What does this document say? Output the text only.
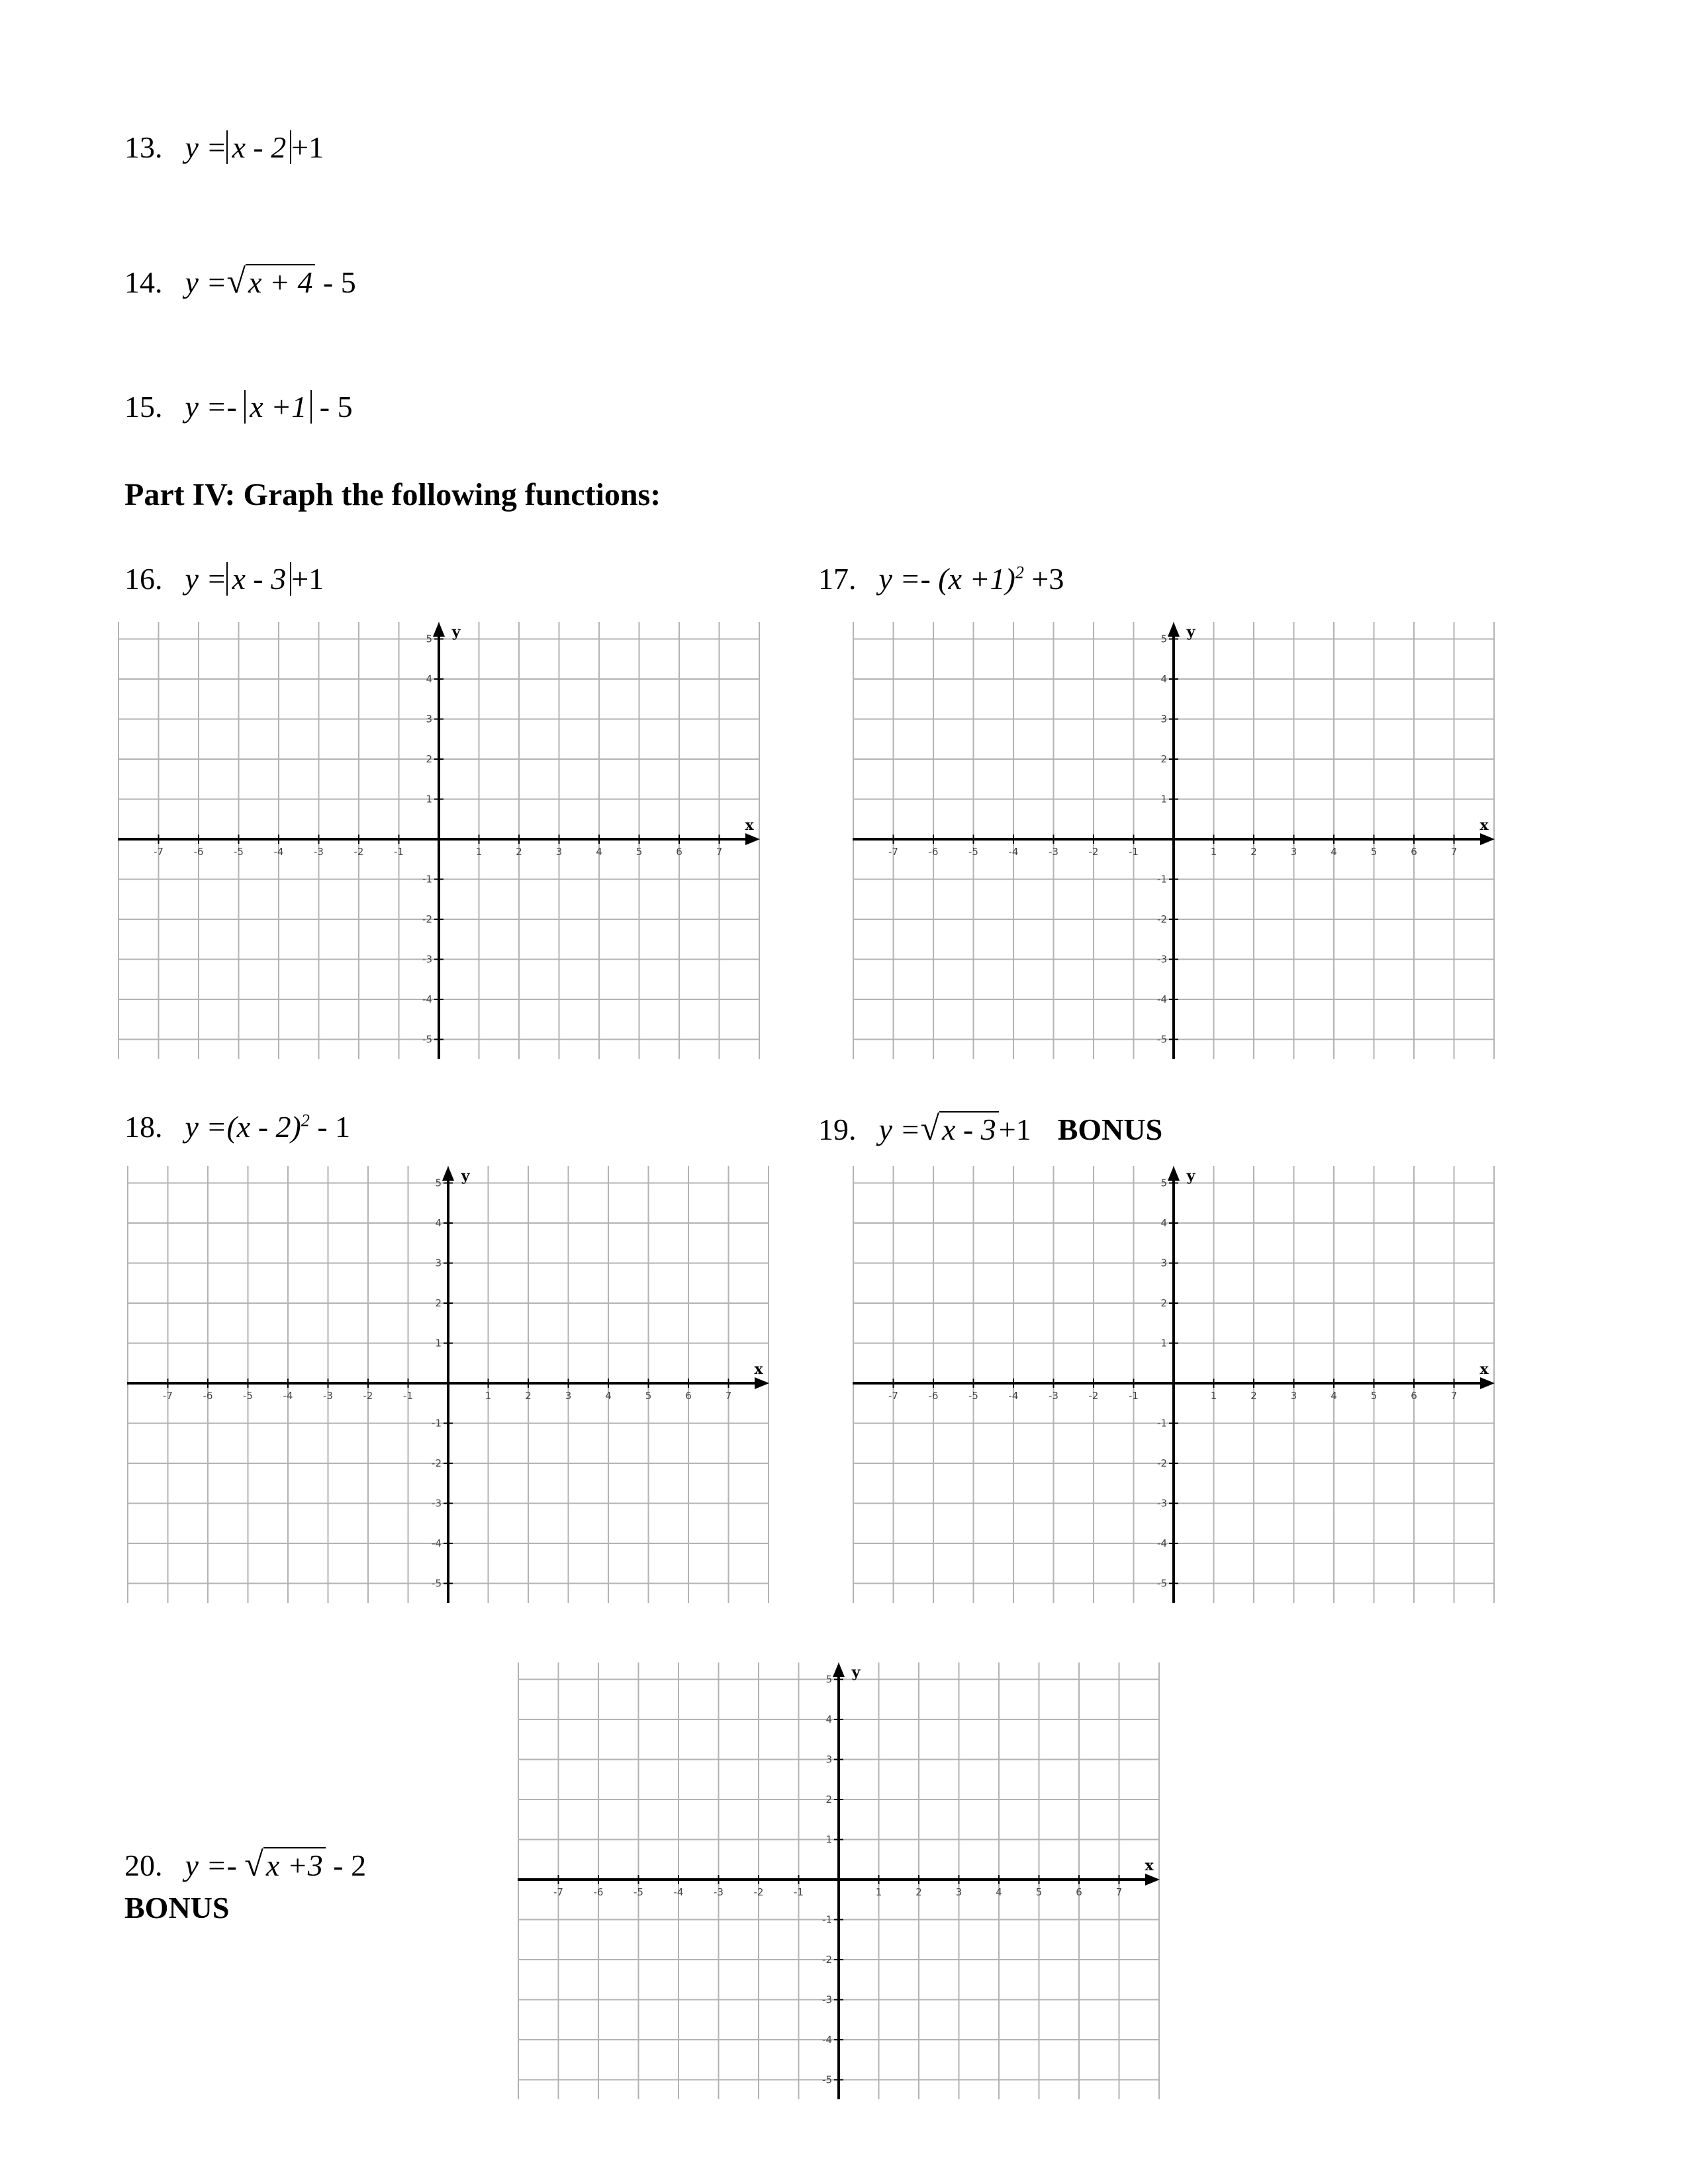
13. y = x - 2 +1
14. y =√x + 4 - 5
15. y =- x +1 - 5
Part IV: Graph the following functions:
16. y = x - 3 +1	17. $y =- (x +1)^2 +3$
18. y =(x - 2)$^2$ - 1	19. y =√x - 3+1 BONUS
20. y =- √x +3 - 2
BONUS
x
y
-7	-6	-5	-4	-3	-2	-1	1	2	3	4	5	6	7
5
4
3
2
1
-1
-2
-3
-4
-5
x
y
-7	-6	-5	-4	-3	-2	-1	1	2	3	4	5	6	7
5
4
3
2
1
-1
-2
-3
-4
-5
x
y
-7	-6	-5	-4	-3	-2	-1	1	2	3	4	5	6	7
5
4
3
2
1
-1
-2
-3
-4
-5
x
y
-7	-6	-5	-4	-3	-2	-1	1	2	3	4	5	6	7
5
4
3
2
1
-1
-2
-3
-4
-5
x
y
-7	-6	-5	-4	-3	-2	-1	1	2	3	4	5	6	7
5
4
3
2
1
-1
-2
-3
-4
-5
